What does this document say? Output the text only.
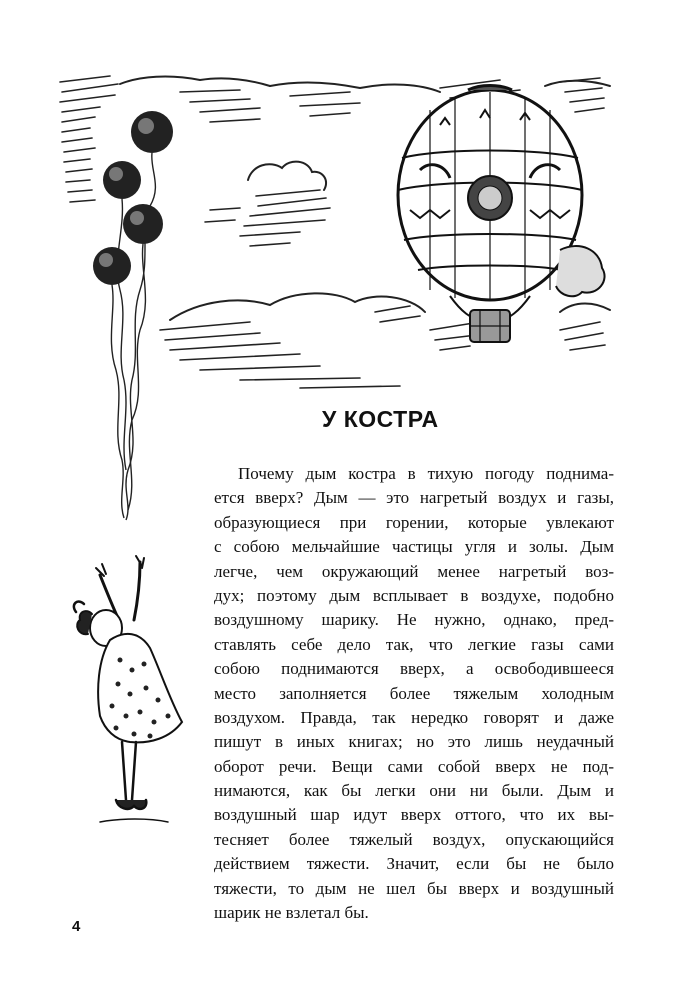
У КОСТРА
Почему дым костра в тихую погоду поднима-
ется вверх? Дым — это нагретый воздух и газы,
образующиеся при горении, которые увлекают
с собою мельчайшие частицы угля и золы. Дым
легче, чем окружающий менее нагретый воз-
дух; поэтому дым всплывает в воздухе, подобно
воздушному шарику. Не нужно, однако, пред-
ставлять себе дело так, что легкие газы сами
собою поднимаются вверх, а освободившееся
место заполняется более тяжелым холодным
воздухом. Правда, так нередко говорят и даже
пишут в иных книгах; но это лишь неудачный
оборот речи. Вещи сами собой вверх не под-
нимаются, как бы легки они ни были. Дым и
воздушный шар идут вверх оттого, что их вы-
тесняет более тяжелый воздух, опускающийся
действием тяжести. Значит, если бы не было
тяжести, то дым не шел бы вверх и воздушный
шарик не взлетал бы.
4
